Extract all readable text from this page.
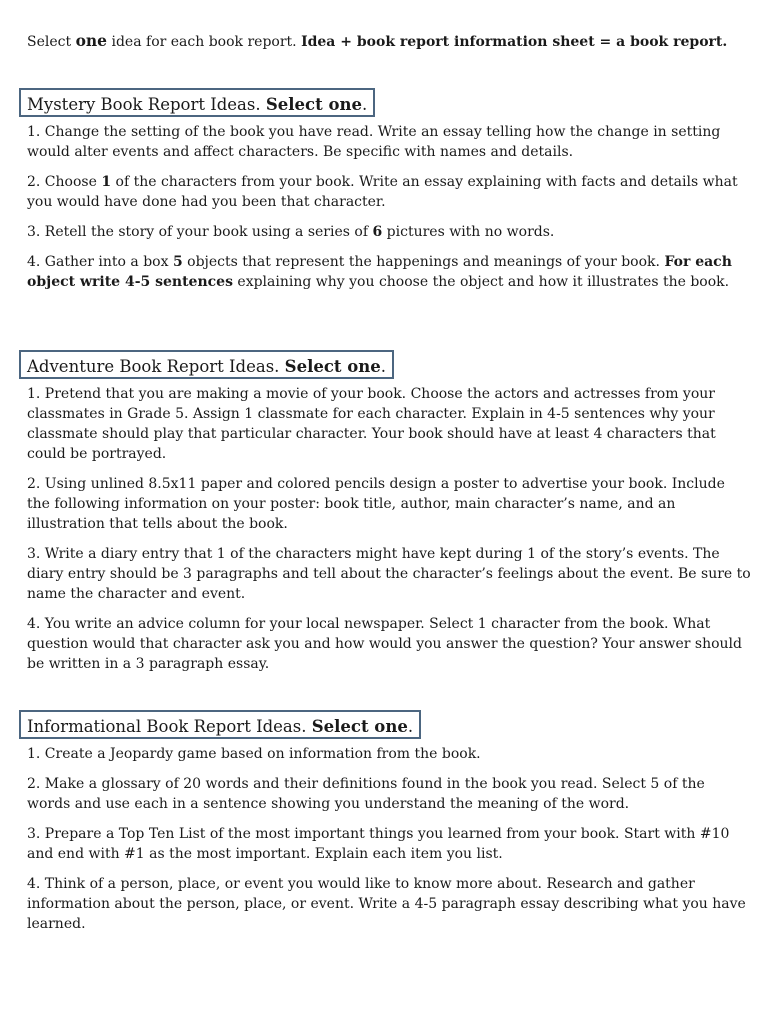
Select one idea for each book report. Idea + book report information sheet = a book report.
Mystery Book Report Ideas. Select one.

1. Change the setting of the book you have read. Write an essay telling how the change in setting would alter events and affect characters. Be specific with names and details.

2. Choose 1 of the characters from your book. Write an essay explaining with facts and details what you would have done had you been that character.

3. Retell the story of your book using a series of 6 pictures with no words.

4. Gather into a box 5 objects that represent the happenings and meanings of your book. For each object write 4-5 sentences explaining why you choose the object and how it illustrates the book.

Adventure Book Report Ideas. Select one.

1. Pretend that you are making a movie of your book. Choose the actors and actresses from your classmates in Grade 5. Assign 1 classmate for each character. Explain in 4-5 sentences why your classmate should play that particular character. Your book should have at least 4 characters that could be portrayed.

2. Using unlined 8.5x11 paper and colored pencils design a poster to advertise your book. Include the following information on your poster: book title, author, main character’s name, and an illustration that tells about the book.

3. Write a diary entry that 1 of the characters might have kept during 1 of the story’s events. The diary entry should be 3 paragraphs and tell about the character’s feelings about the event. Be sure to name the character and event.

4. You write an advice column for your local newspaper. Select 1 character from the book. What question would that character ask you and how would you answer the question? Your answer should be written in a 3 paragraph essay.

Informational Book Report Ideas. Select one.

1. Create a Jeopardy game based on information from the book.

2. Make a glossary of 20 words and their definitions found in the book you read. Select 5 of the words and use each in a sentence showing you understand the meaning of the word.

3. Prepare a Top Ten List of the most important things you learned from your book. Start with #10 and end with #1 as the most important. Explain each item you list.

4. Think of a person, place, or event you would like to know more about. Research and gather information about the person, place, or event. Write a 4-5 paragraph essay describing what you have learned.
